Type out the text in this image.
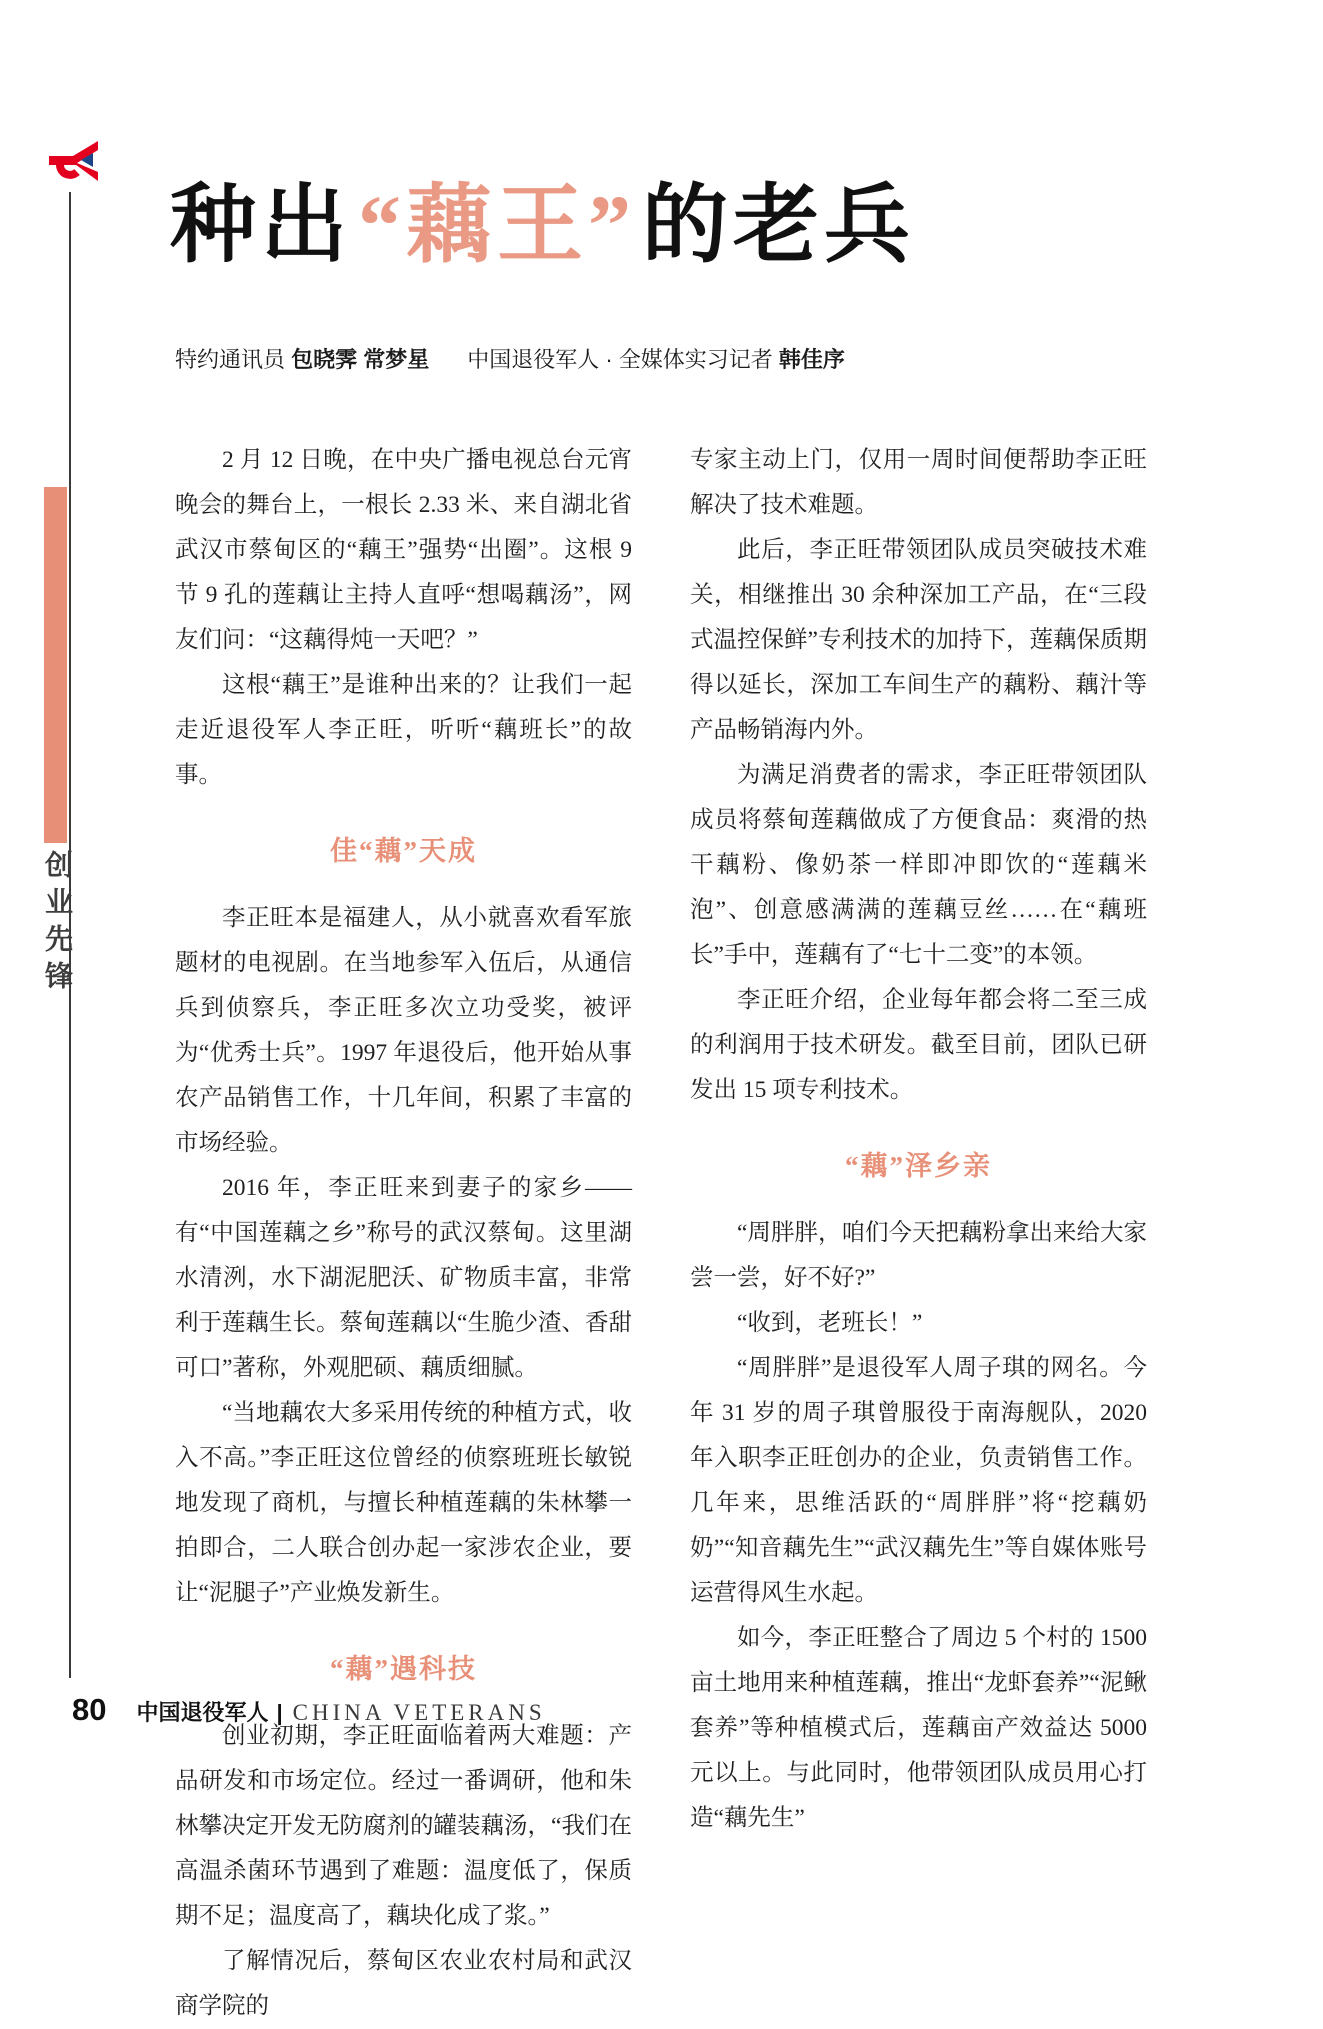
创业先锋
种出“藕王”的老兵
特约通讯员 包晓霁 常梦星 中国退役军人 · 全媒体实习记者 韩佳序

2 月 12 日晚，在中央广播电视总台元宵晚会的舞台上，一根长 2.33 米、来自湖北省武汉市蔡甸区的“藕王”强势“出圈”。这根 9 节 9 孔的莲藕让主持人直呼“想喝藕汤”，网友们问：“这藕得炖一天吧？”

这根“藕王”是谁种出来的？让我们一起走近退役军人李正旺，听听“藕班长”的故事。

佳“藕”天成

李正旺本是福建人，从小就喜欢看军旅题材的电视剧。在当地参军入伍后，从通信兵到侦察兵，李正旺多次立功受奖，被评为“优秀士兵”。1997 年退役后，他开始从事农产品销售工作，十几年间，积累了丰富的市场经验。

2016 年，李正旺来到妻子的家乡——有“中国莲藕之乡”称号的武汉蔡甸。这里湖水清洌，水下湖泥肥沃、矿物质丰富，非常利于莲藕生长。蔡甸莲藕以“生脆少渣、香甜可口”著称，外观肥硕、藕质细腻。

“当地藕农大多采用传统的种植方式，收入不高。”李正旺这位曾经的侦察班班长敏锐地发现了商机，与擅长种植莲藕的朱林攀一拍即合，二人联合创办起一家涉农企业，要让“泥腿子”产业焕发新生。

“藕”遇科技

创业初期，李正旺面临着两大难题：产品研发和市场定位。经过一番调研，他和朱林攀决定开发无防腐剂的罐装藕汤，“我们在高温杀菌环节遇到了难题：温度低了，保质期不足；温度高了，藕块化成了浆。”

了解情况后，蔡甸区农业农村局和武汉商学院的

专家主动上门，仅用一周时间便帮助李正旺解决了技术难题。

此后，李正旺带领团队成员突破技术难关，相继推出 30 余种深加工产品，在“三段式温控保鲜”专利技术的加持下，莲藕保质期得以延长，深加工车间生产的藕粉、藕汁等产品畅销海内外。

为满足消费者的需求，李正旺带领团队成员将蔡甸莲藕做成了方便食品：爽滑的热干藕粉、像奶茶一样即冲即饮的“莲藕米泡”、创意感满满的莲藕豆丝……在“藕班长”手中，莲藕有了“七十二变”的本领。

李正旺介绍，企业每年都会将二至三成的利润用于技术研发。截至目前，团队已研发出 15 项专利技术。

“藕”泽乡亲

“周胖胖，咱们今天把藕粉拿出来给大家尝一尝，好不好?”

“收到，老班长！”

“周胖胖”是退役军人周子琪的网名。今年 31 岁的周子琪曾服役于南海舰队，2020 年入职李正旺创办的企业，负责销售工作。几年来，思维活跃的“周胖胖”将“挖藕奶奶”“知音藕先生”“武汉藕先生”等自媒体账号运营得风生水起。

如今，李正旺整合了周边 5 个村的 1500 亩土地用来种植莲藕，推出“龙虾套养”“泥鳅套养”等种植模式后，莲藕亩产效益达 5000 元以上。与此同时，他带领团队成员用心打造“藕先生”

80 中国退役军人 | CHINA VETERANS
